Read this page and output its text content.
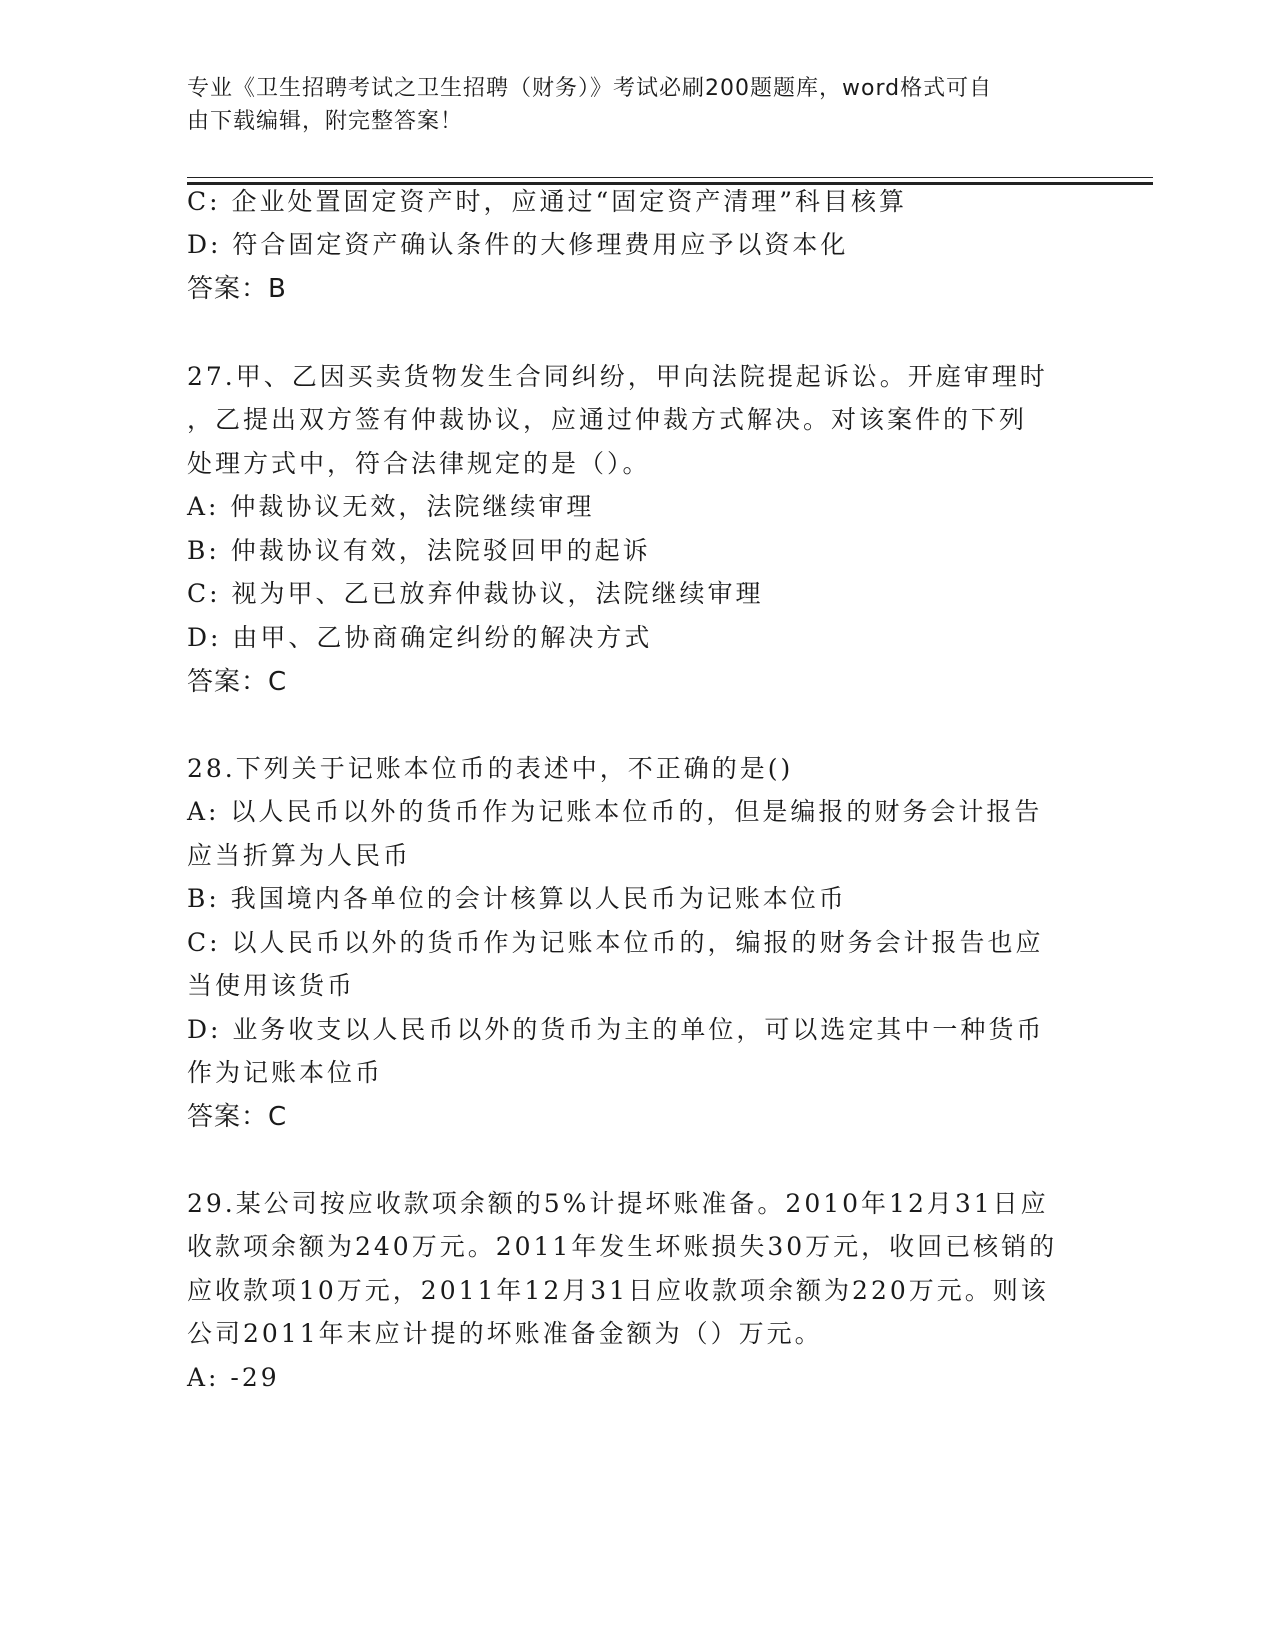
专业《卫生招聘考试之卫生招聘（财务）》考试必刷200题题库，word格式可自
由下载编辑，附完整答案！
C: 企业处置固定资产时，应通过“固定资产清理”科目核算
D: 符合固定资产确认条件的大修理费用应予以资本化
答案：B
27.甲、乙因买卖货物发生合同纠纷，甲向法院提起诉讼。开庭审理时
，乙提出双方签有仲裁协议，应通过仲裁方式解决。对该案件的下列
处理方式中，符合法律规定的是（）。
A: 仲裁协议无效，法院继续审理
B: 仲裁协议有效，法院驳回甲的起诉
C: 视为甲、乙已放弃仲裁协议，法院继续审理
D: 由甲、乙协商确定纠纷的解决方式
答案：C
28.下列关于记账本位币的表述中，不正确的是()
A: 以人民币以外的货币作为记账本位币的，但是编报的财务会计报告
应当折算为人民币
B: 我国境内各单位的会计核算以人民币为记账本位币
C: 以人民币以外的货币作为记账本位币的，编报的财务会计报告也应
当使用该货币
D: 业务收支以人民币以外的货币为主的单位，可以选定其中一种货币
作为记账本位币
答案：C
29.某公司按应收款项余额的5%计提坏账准备。2010年12月31日应
收款项余额为240万元。2011年发生坏账损失30万元，收回已核销的
应收款项10万元，2011年12月31日应收款项余额为220万元。则该
公司2011年末应计提的坏账准备金额为（）万元。
A: -29
